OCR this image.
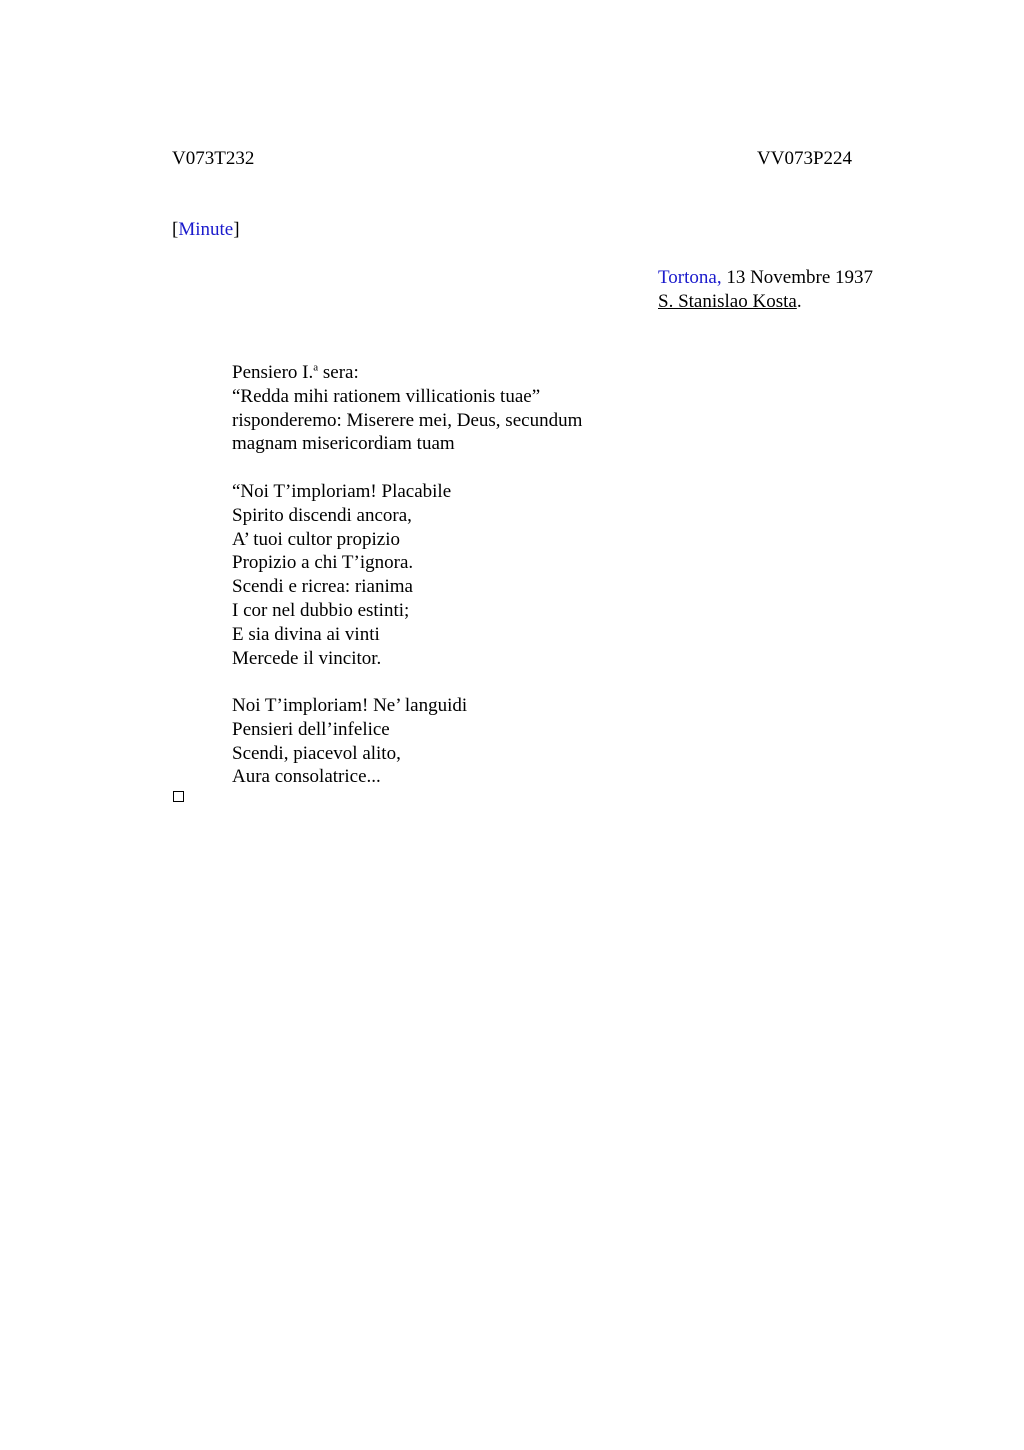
V073T232	VV073P224
[Minute]
Tortona, 13 Novembre 1937
S. Stanislao Kosta.
Pensiero I.$^a$ sera:
“Redda mihi rationem villicationis tuae”
risponderemo: Miserere mei, Deus, secundum
magnam misericordiam tuam
“Noi T’imploriam! Placabile
Spirito discendi ancora,
A’ tuoi cultor propizio
Propizio a chi T’ignora.
Scendi e ricrea: rianima
I cor nel dubbio estinti;
E sia divina ai vinti
Mercede il vincitor.
Noi T’imploriam! Ne’ languidi
Pensieri dell’infelice
Scendi, piacevol alito,
Aura consolatrice...
